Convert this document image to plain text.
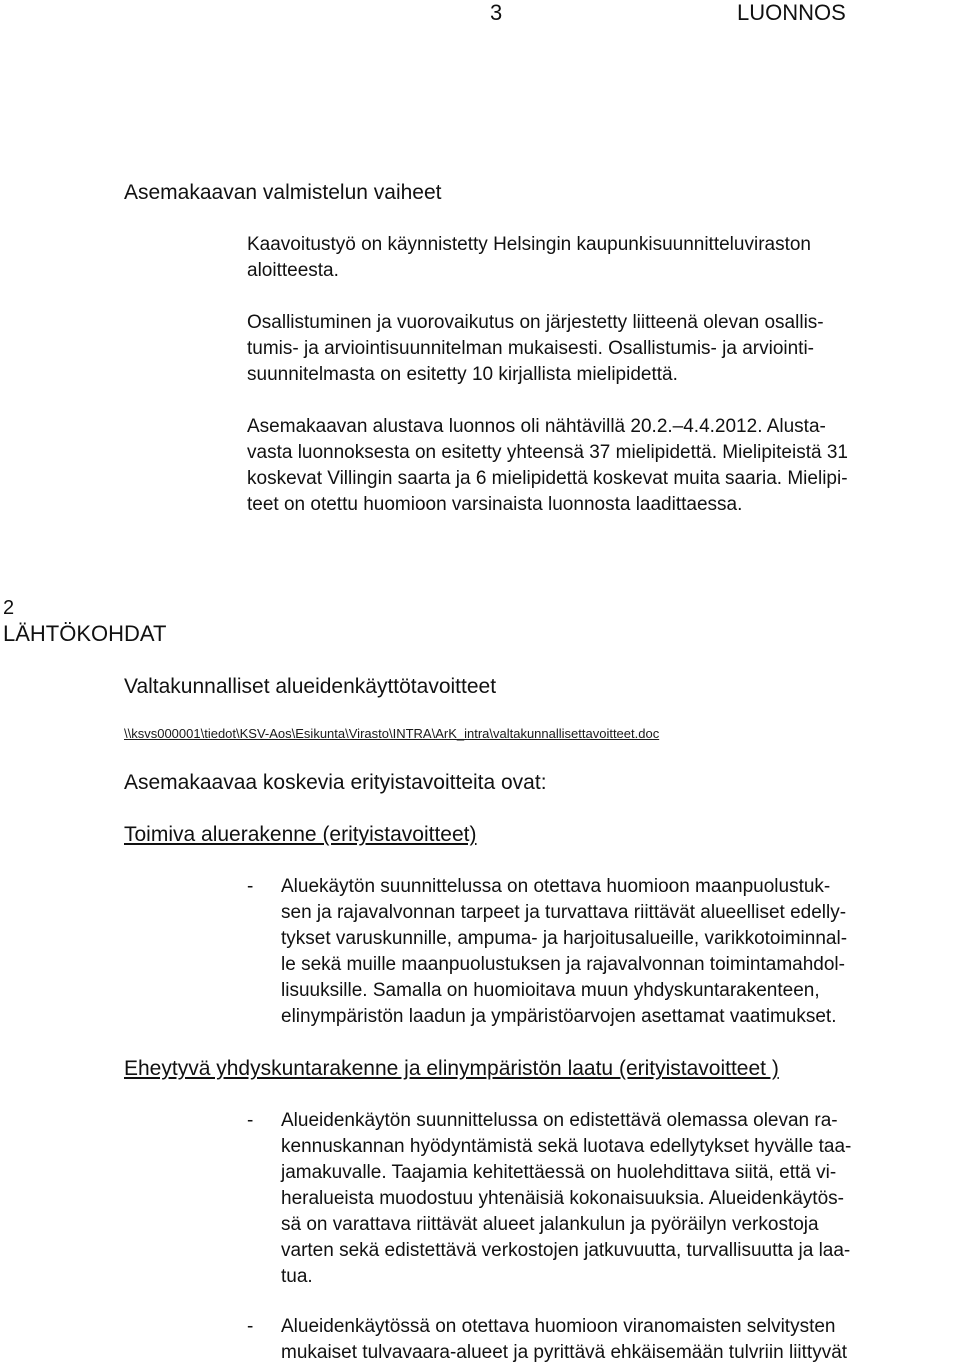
3	LUONNOS
Asemakaavan valmistelun vaiheet
Kaavoitustyö on käynnistetty Helsingin kaupunkisuunnitteluviraston
aloitteesta.
Osallistuminen ja vuorovaikutus on järjestetty liitteenä olevan osallis-
tumis- ja arviointisuunnitelman mukaisesti. Osallistumis- ja arviointi-
suunnitelmasta on esitetty 10 kirjallista mielipidettä.
Asemakaavan alustava luonnos oli nähtävillä 20.2.–4.4.2012. Alusta-
vasta luonnoksesta on esitetty yhteensä 37 mielipidettä. Mielipiteistä 31
koskevat Villingin saarta ja 6 mielipidettä koskevat muita saaria. Mielipi-
teet on otettu huomioon varsinaista luonnosta laadittaessa.
2
LÄHTÖKOHDAT
Valtakunnalliset alueidenkäyttötavoitteet
\\ksvs000001\tiedot\KSV-Aos\Esikunta\Virasto\INTRA\ArK_intra\valtakunnallisettavoitteet.doc
Asemakaavaa koskevia erityistavoitteita ovat:
Toimiva aluerakenne (erityistavoitteet)
- Aluekäytön suunnittelussa on otettava huomioon maanpuolustuk-
sen ja rajavalvonnan tarpeet ja turvattava riittävät alueelliset edelly-
tykset varuskunnille, ampuma- ja harjoitusalueille, varikkotoiminnal-
le sekä muille maanpuolustuksen ja rajavalvonnan toimintamahdol-
lisuuksille. Samalla on huomioitava muun yhdyskuntarakenteen,
elinympäristön laadun ja ympäristöarvojen asettamat vaatimukset.
Eheytyvä yhdyskuntarakenne ja elinympäristön laatu (erityistavoitteet )
- Alueidenkäytön suunnittelussa on edistettävä olemassa olevan ra-
kennuskannan hyödyntämistä sekä luotava edellytykset hyvälle taa-
jamakuvalle. Taajamia kehitettäessä on huolehdittava siitä, että vi-
heralueista muodostuu yhtenäisiä kokonaisuuksia. Alueidenkäytös-
sä on varattava riittävät alueet jalankulun ja pyöräilyn verkostoja
varten sekä edistettävä verkostojen jatkuvuutta, turvallisuutta ja laa-
tua.
- Alueidenkäytössä on otettava huomioon viranomaisten selvitysten
mukaiset tulvavaara-alueet ja pyrittävä ehkäisemään tulvriin liittyvät
